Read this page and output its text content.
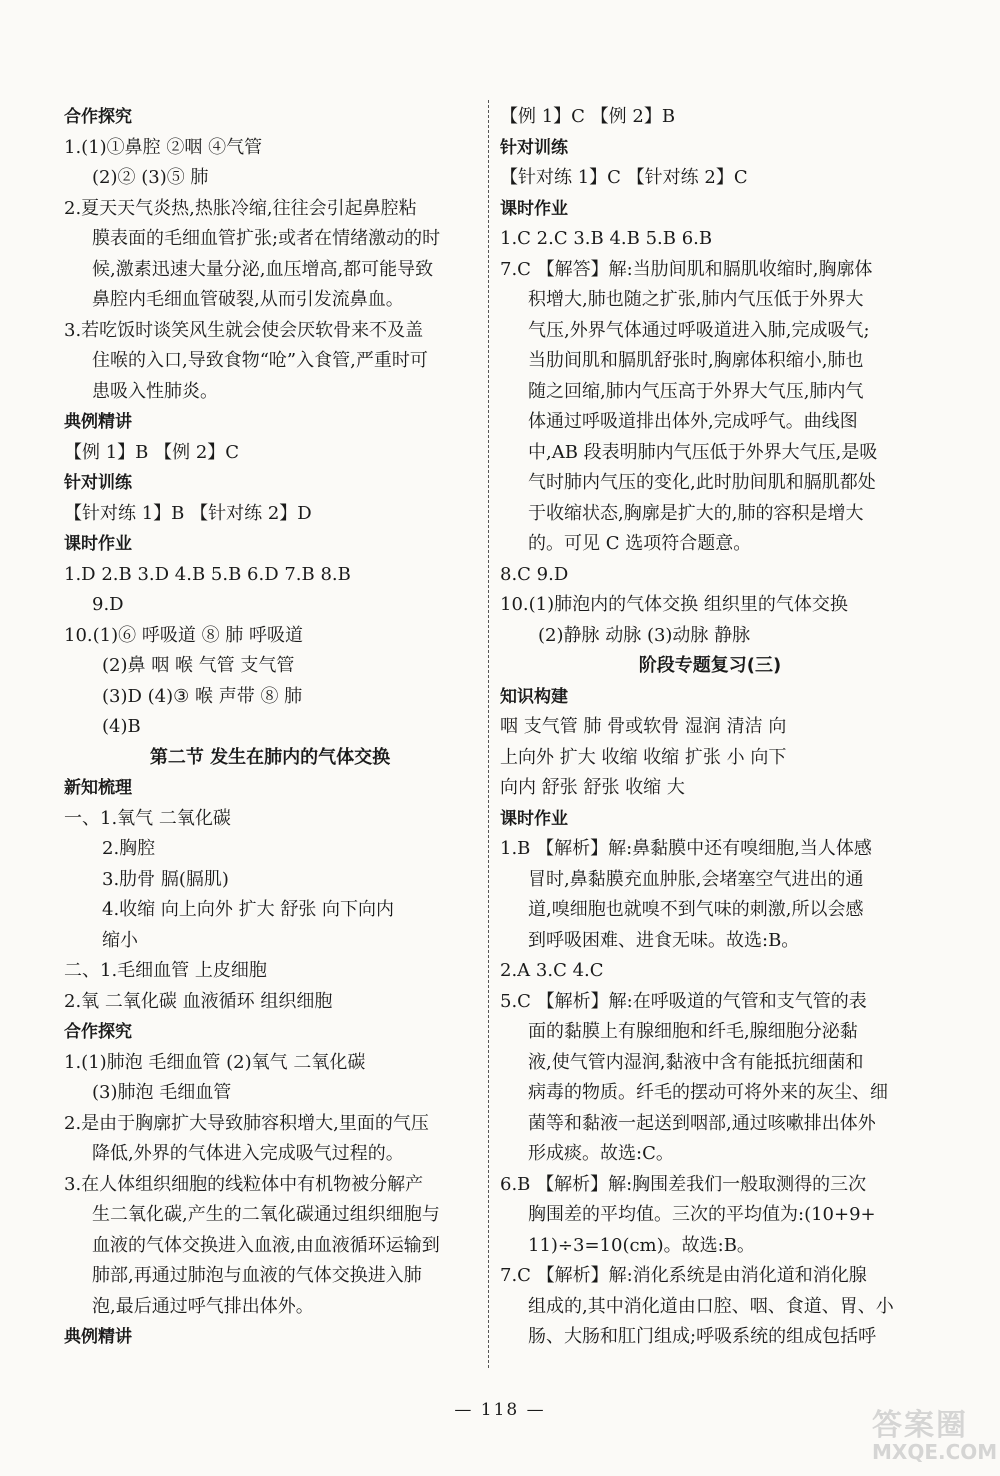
合作探究
1.(1)①鼻腔 ②咽 ④气管
(2)② (3)⑤ 肺
2.夏天天气炎热,热胀冷缩,往往会引起鼻腔粘
膜表面的毛细血管扩张;或者在情绪激动的时
候,激素迅速大量分泌,血压增高,都可能导致
鼻腔内毛细血管破裂,从而引发流鼻血。
3.若吃饭时谈笑风生就会使会厌软骨来不及盖
住喉的入口,导致食物“呛”入食管,严重时可
患吸入性肺炎。
典例精讲
【例 1】B 【例 2】C
针对训练
【针对练 1】B 【针对练 2】D
课时作业
1.D 2.B 3.D 4.B 5.B 6.D 7.B 8.B
9.D
10.(1)⑥ 呼吸道 ⑧ 肺 呼吸道
(2)鼻 咽 喉 气管 支气管
(3)D (4)③ 喉 声带 ⑧ 肺
(4)B
第二节 发生在肺内的气体交换
新知梳理
一、1.氧气 二氧化碳
2.胸腔
3.肋骨 膈(膈肌)
4.收缩 向上向外 扩大 舒张 向下向内
缩小
二、1.毛细血管 上皮细胞
2.氧 二氧化碳 血液循环 组织细胞
合作探究
1.(1)肺泡 毛细血管 (2)氧气 二氧化碳
(3)肺泡 毛细血管
2.是由于胸廓扩大导致肺容积增大,里面的气压
降低,外界的气体进入完成吸气过程的。
3.在人体组织细胞的线粒体中有机物被分解产
生二氧化碳,产生的二氧化碳通过组织细胞与
血液的气体交换进入血液,由血液循环运输到
肺部,再通过肺泡与血液的气体交换进入肺
泡,最后通过呼气排出体外。
典例精讲
【例 1】C 【例 2】B
针对训练
【针对练 1】C 【针对练 2】C
课时作业
1.C 2.C 3.B 4.B 5.B 6.B
7.C 【解答】解:当肋间肌和膈肌收缩时,胸廓体
积增大,肺也随之扩张,肺内气压低于外界大
气压,外界气体通过呼吸道进入肺,完成吸气;
当肋间肌和膈肌舒张时,胸廓体积缩小,肺也
随之回缩,肺内气压高于外界大气压,肺内气
体通过呼吸道排出体外,完成呼气。曲线图
中,AB 段表明肺内气压低于外界大气压,是吸
气时肺内气压的变化,此时肋间肌和膈肌都处
于收缩状态,胸廓是扩大的,肺的容积是增大
的。可见 C 选项符合题意。
8.C 9.D
10.(1)肺泡内的气体交换 组织里的气体交换
(2)静脉 动脉 (3)动脉 静脉
阶段专题复习(三)
知识构建
咽 支气管 肺 骨或软骨 湿润 清洁 向
上向外 扩大 收缩 收缩 扩张 小 向下
向内 舒张 舒张 收缩 大
课时作业
1.B 【解析】解:鼻黏膜中还有嗅细胞,当人体感
冒时,鼻黏膜充血肿胀,会堵塞空气进出的通
道,嗅细胞也就嗅不到气味的刺激,所以会感
到呼吸困难、进食无味。故选:B。
2.A 3.C 4.C
5.C 【解析】解:在呼吸道的气管和支气管的表
面的黏膜上有腺细胞和纤毛,腺细胞分泌黏
液,使气管内湿润,黏液中含有能抵抗细菌和
病毒的物质。纤毛的摆动可将外来的灰尘、细
菌等和黏液一起送到咽部,通过咳嗽排出体外
形成痰。故选:C。
6.B 【解析】解:胸围差我们一般取测得的三次
胸围差的平均值。三次的平均值为:(10+9+
11)÷3=10(cm)。故选:B。
7.C 【解析】解:消化系统是由消化道和消化腺
组成的,其中消化道由口腔、咽、食道、胃、小
肠、大肠和肛门组成;呼吸系统的组成包括呼
— 118 —	答案圈
MXQE.COM
